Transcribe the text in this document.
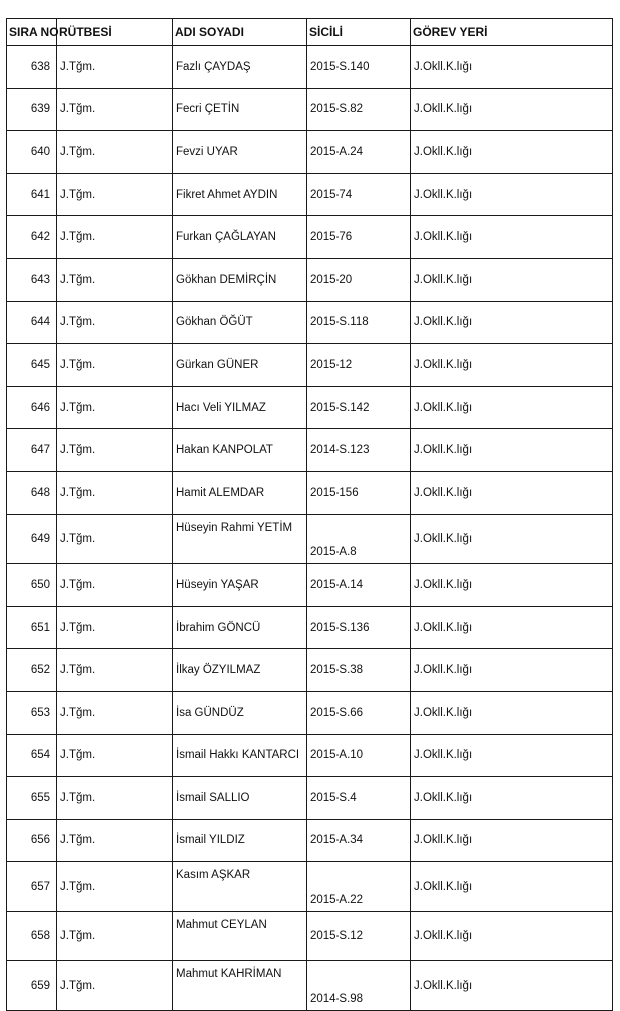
SIRA NO	RÜTBESİ	ADI SOYADI	SİCİLİ	GÖREV YERİ
638	J.Tğm.	Fazlı ÇAYDAŞ	2015-S.140	J.Okll.K.lığı
639	J.Tğm.	Fecri ÇETİN	2015-S.82	J.Okll.K.lığı
640	J.Tğm.	Fevzi UYAR	2015-A.24	J.Okll.K.lığı
641	J.Tğm.	Fikret Ahmet AYDIN	2015-74	J.Okll.K.lığı
642	J.Tğm.	Furkan ÇAĞLAYAN	2015-76	J.Okll.K.lığı
643	J.Tğm.	Gökhan DEMİRÇİN	2015-20	J.Okll.K.lığı
644	J.Tğm.	Gökhan ÖĞÜT	2015-S.118	J.Okll.K.lığı
645	J.Tğm.	Gürkan GÜNER	2015-12	J.Okll.K.lığı
646	J.Tğm.	Hacı Veli YILMAZ	2015-S.142	J.Okll.K.lığı
647	J.Tğm.	Hakan KANPOLAT	2014-S.123	J.Okll.K.lığı
648	J.Tğm.	Hamit ALEMDAR	2015-156	J.Okll.K.lığı
649	J.Tğm.	Hüseyin Rahmi YETİM	2015-A.8	J.Okll.K.lığı
650	J.Tğm.	Hüseyin YAŞAR	2015-A.14	J.Okll.K.lığı
651	J.Tğm.	İbrahim GÖNCÜ	2015-S.136	J.Okll.K.lığı
652	J.Tğm.	İlkay ÖZYILMAZ	2015-S.38	J.Okll.K.lığı
653	J.Tğm.	İsa GÜNDÜZ	2015-S.66	J.Okll.K.lığı
654	J.Tğm.	İsmail Hakkı KANTARCI	2015-A.10	J.Okll.K.lığı
655	J.Tğm.	İsmail SALLIO	2015-S.4	J.Okll.K.lığı
656	J.Tğm.	İsmail YILDIZ	2015-A.34	J.Okll.K.lığı
657	J.Tğm.	Kasım AŞKAR	2015-A.22	J.Okll.K.lığı
658	J.Tğm.	Mahmut CEYLAN	2015-S.12	J.Okll.K.lığı
659	J.Tğm.	Mahmut KAHRİMAN	2014-S.98	J.Okll.K.lığı
